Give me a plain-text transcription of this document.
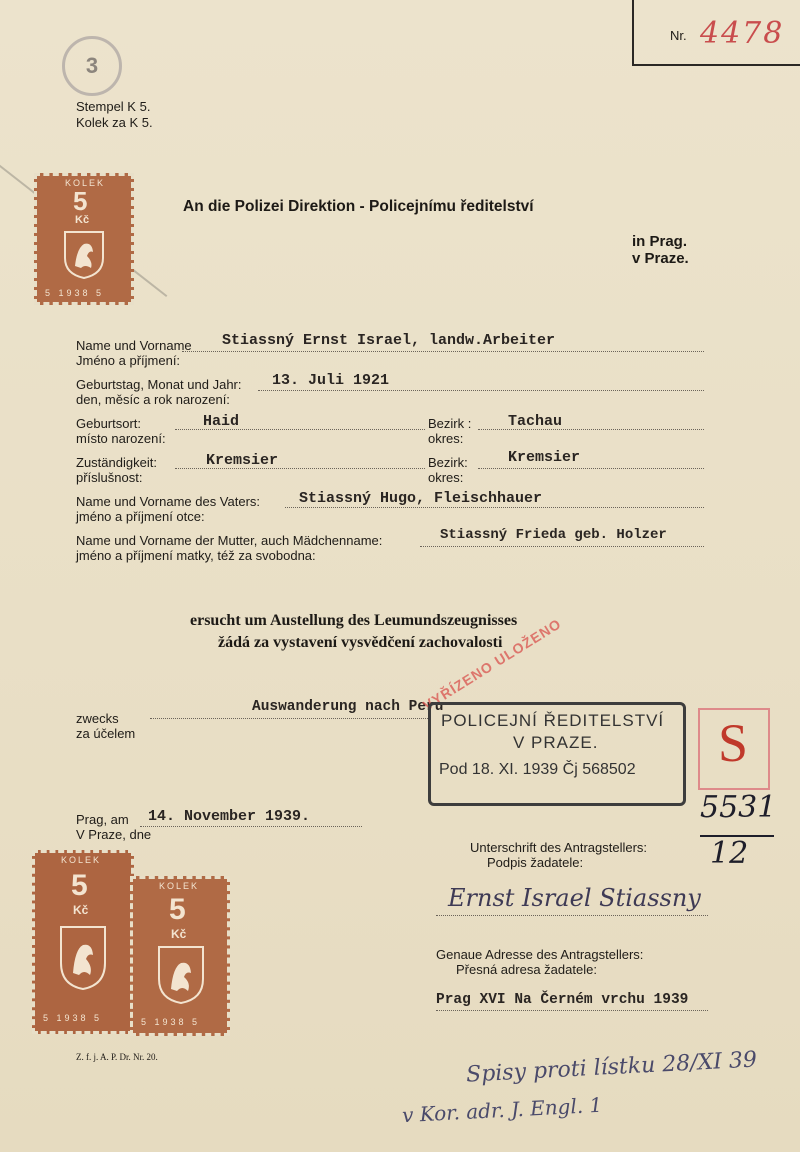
3
Stempel K 5.
Kolek za K 5.
Nr. 4478
KOLEK
5
Kč
5 1938 5
An die Polizei Direktion - Policejnímu ředitelství
in Prag.
v Praze.
Name und Vorname
Jméno a příjmení:
Stiassný Ernst Israel, landw.Arbeiter
Geburtstag, Monat und Jahr:
den, měsíc a rok narození:
13. Juli 1921
Geburtsort:
místo narození:
Haid	Bezirk :
okres:
Tachau
Zuständigkeit:
příslušnost:
Kremsier	Bezirk:
okres:
Kremsier
Name und Vorname des Vaters:
jméno a příjmení otce:
Stiassný Hugo, Fleischhauer
Name und Vorname der Mutter, auch Mädchenname:
jméno a příjmení matky, též za svobodna:
Stiassný Frieda geb. Holzer
ersucht um Austellung des Leumundszeugnisses
žádá za vystavení vysvědčení zachovalosti
zwecks
za účelem
Auswanderung nach Peru
VYŘÍZENO ULOŽENO
POLICEJNÍ ŘEDITELSTVÍ
V PRAZE.
Pod 18. XI. 1939 Čj 568502 S
5531
12
Prag, am
V Praze, dne
14. November 1939.
KOLEK
5
Kč
5 1938 5
KOLEK
5
Kč
5 1938 5
Unterschrift des Antragstellers:
Podpis žadatele:
Ernst Israel Stiassny
Genaue Adresse des Antragstellers:
Přesná adresa žadatele:
Prag XVI Na Černém vrchu 1939
Z. f. j. A. P. Dr. Nr. 20.	Spisy proti lístku 28/XI 39
v Kor. adr. J. Engl. 1
